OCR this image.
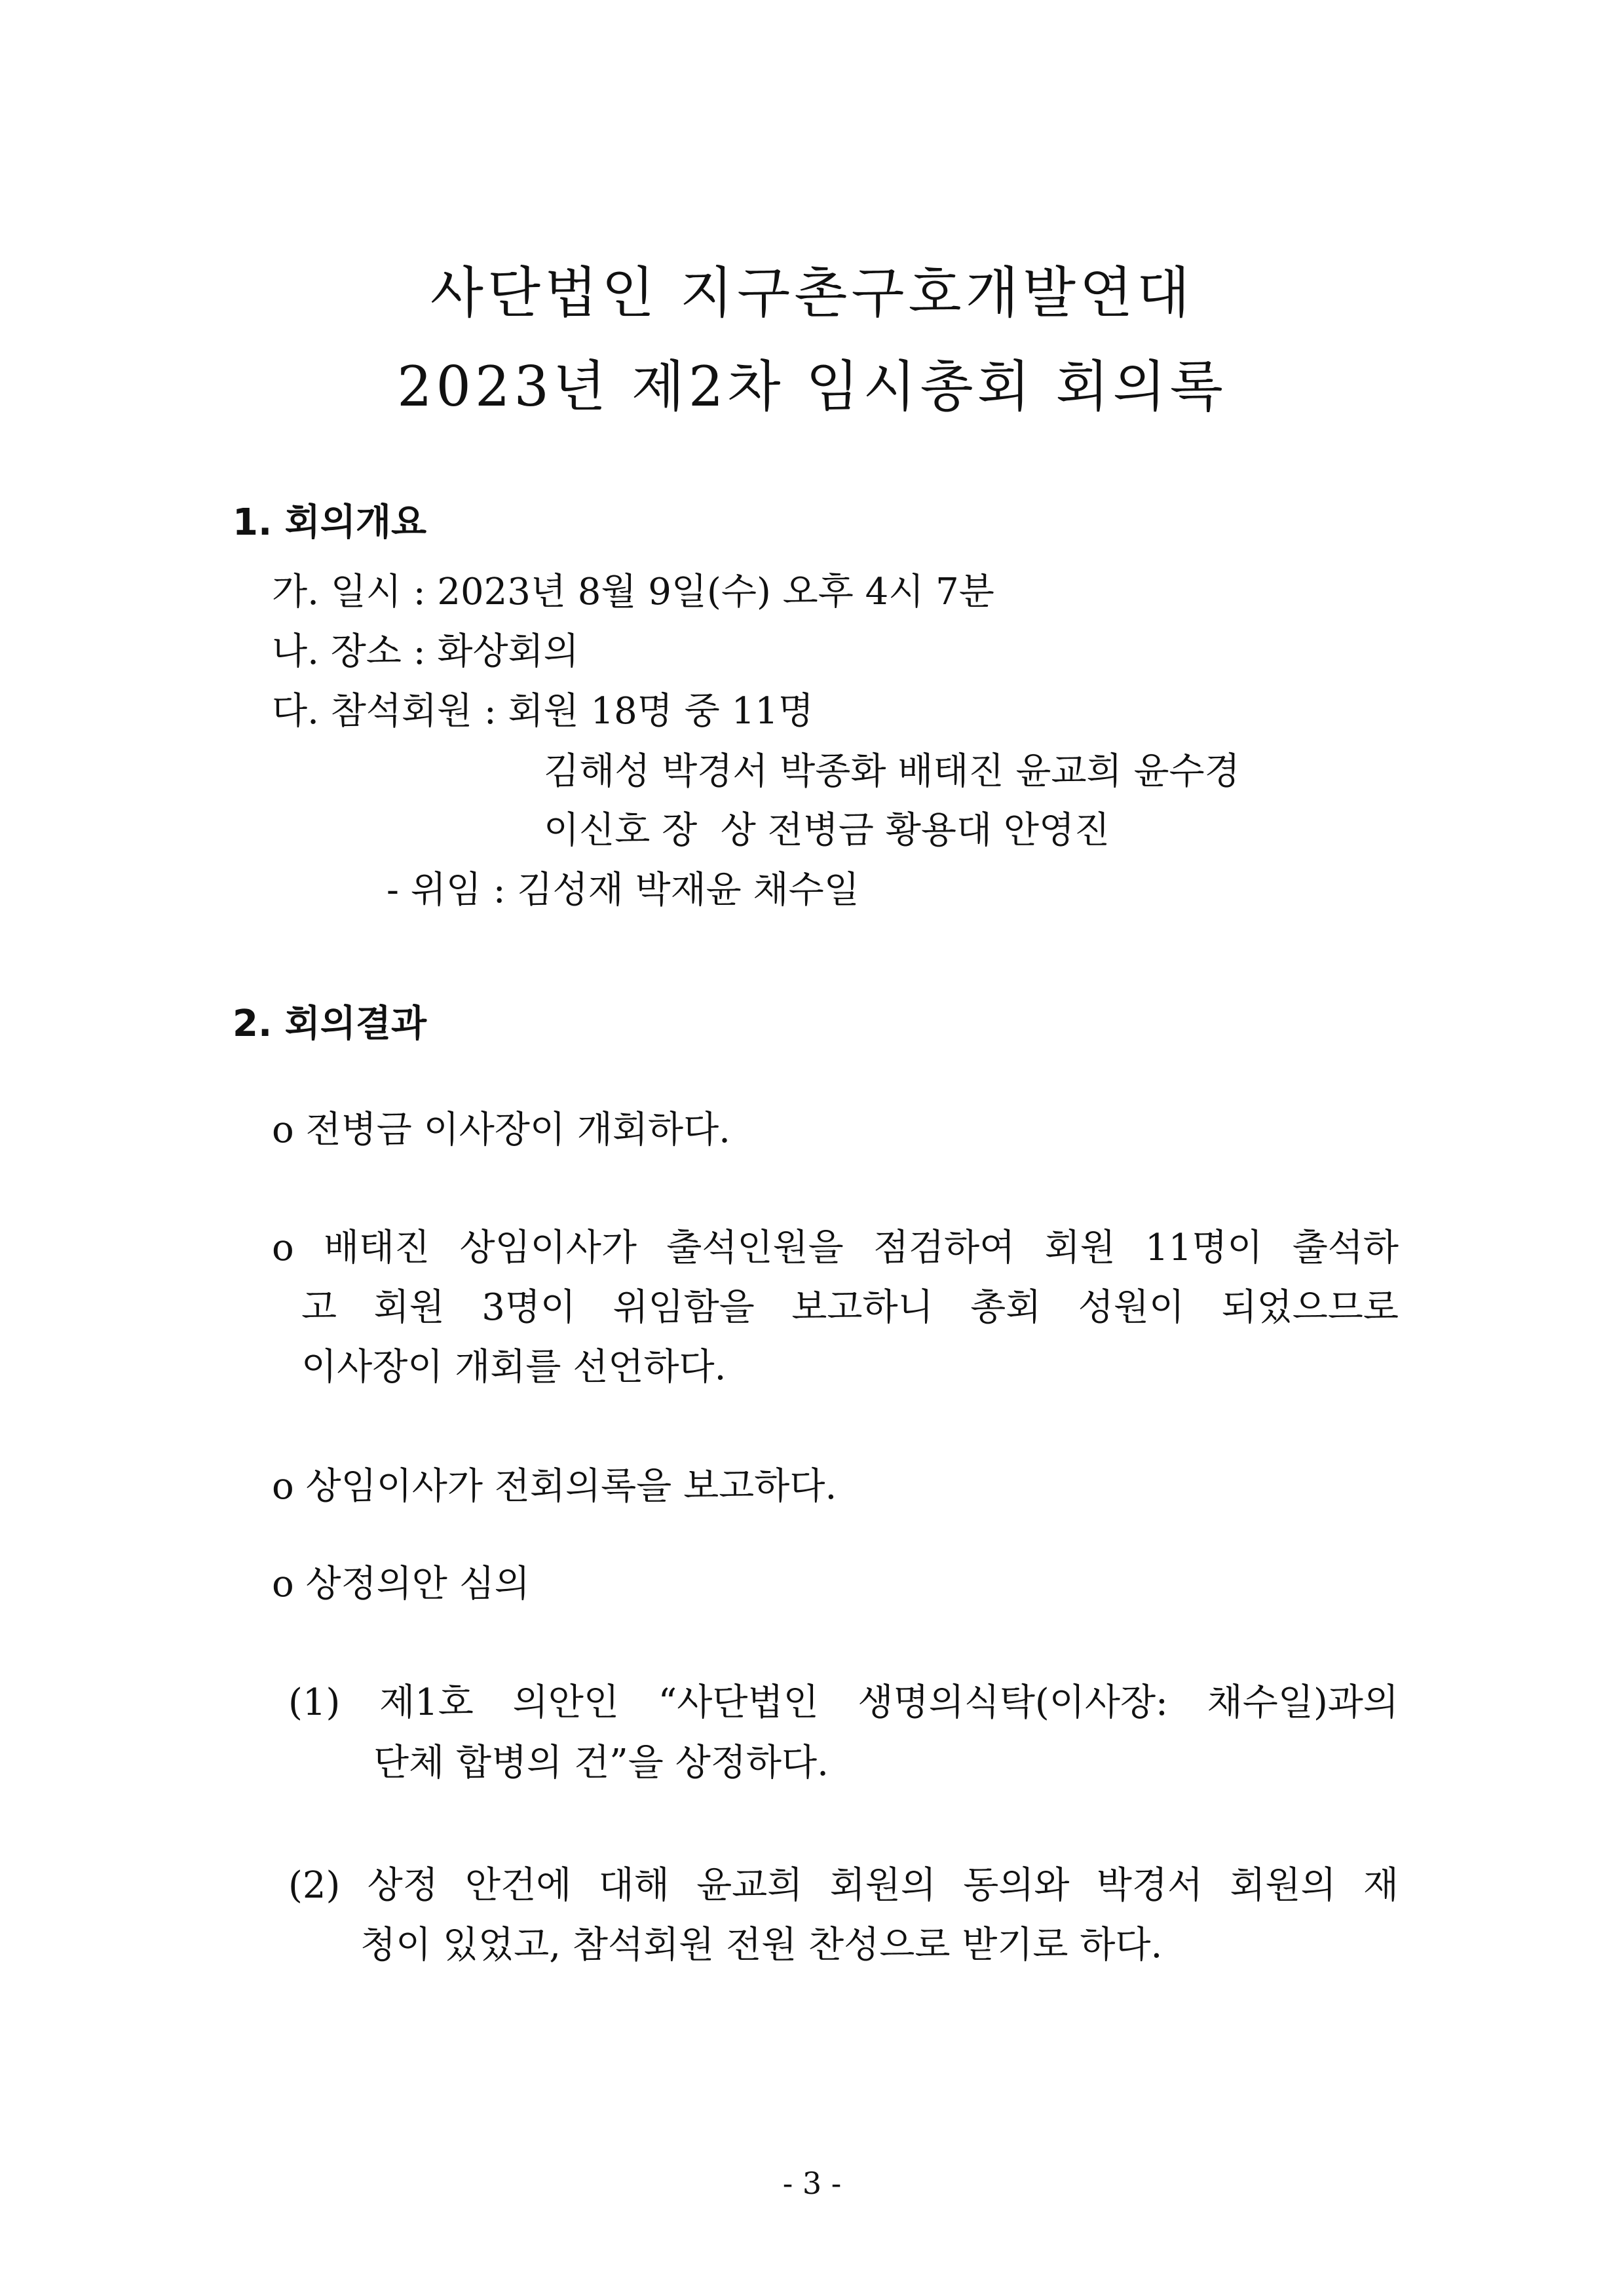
사단법인 지구촌구호개발연대
2023년 제2차 임시총회 회의록
1. 회의개요
가. 일시 : 2023년 8월 9일(수) 오후 4시 7분
나. 장소 : 화상회의
다. 참석회원 : 회원 18명 중 11명
김해성 박경서 박종화 배태진 윤교희 윤수경
이신호 장  상 전병금 황용대 안영진
- 위임 : 김성재 박재윤 채수일
2. 회의결과
o 전병금 이사장이 개회하다.
o 배태진 상임이사가 출석인원을 점검하여 회원 11명이 출석하
고 회원 3명이 위임함을 보고하니 총회 성원이 되었으므로
이사장이 개회를 선언하다.
o 상임이사가 전회의록을 보고하다.
o 상정의안 심의
(1) 제1호 의안인 “사단법인 생명의식탁(이사장: 채수일)과의
단체 합병의 건”을 상정하다.
(2) 상정 안건에 대해 윤교희 회원의 동의와 박경서 회원의 재
청이 있었고, 참석회원 전원 찬성으로 받기로 하다.
- 3 -
